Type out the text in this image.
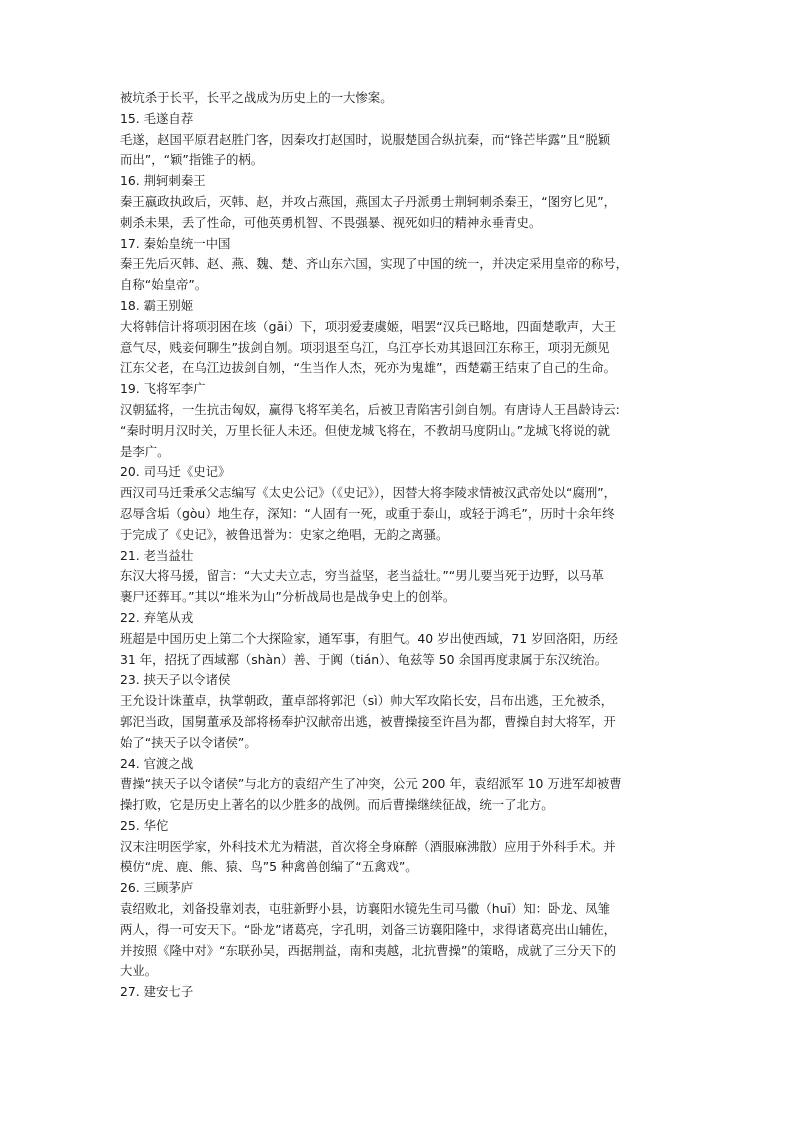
被坑杀于长平，长平之战成为历史上的一大惨案。
15. 毛遂自荐
毛遂，赵国平原君赵胜门客，因秦攻打赵国时，说服楚国合纵抗秦，而“锋芒毕露”且“脱颖
而出”，“颖”指锥子的柄。
16. 荆轲刺秦王
秦王嬴政执政后，灭韩、赵，并攻占燕国，燕国太子丹派勇士荆轲刺杀秦王，“图穷匕见”，
刺杀未果，丢了性命，可他英勇机智、不畏强暴、视死如归的精神永垂青史。
17. 秦始皇统一中国
秦王先后灭韩、赵、燕、魏、楚、齐山东六国，实现了中国的统一，并决定采用皇帝的称号，
自称“始皇帝”。
18. 霸王别姬
大将韩信计将项羽困在垓（gāi）下，项羽爱妻虞姬，唱罢“汉兵已略地，四面楚歌声，大王
意气尽，贱妾何聊生”拔剑自刎。项羽退至乌江，乌江亭长劝其退回江东称王，项羽无颜见
江东父老，在乌江边拔剑自刎，“生当作人杰，死亦为鬼雄”，西楚霸王结束了自己的生命。
19. 飞将军李广
汉朝猛将，一生抗击匈奴，赢得飞将军美名，后被卫青陷害引剑自刎。有唐诗人王昌龄诗云:
“秦时明月汉时关，万里长征人未还。但使龙城飞将在，不教胡马度阴山。”龙城飞将说的就
是李广。
20. 司马迁《史记》
西汉司马迁秉承父志编写《太史公记》（《史记》），因替大将李陵求情被汉武帝处以“腐刑”，
忍辱含垢（gòu）地生存，深知：“人固有一死，或重于泰山，或轻于鸿毛”，历时十余年终
于完成了《史记》，被鲁迅誉为：史家之绝唱，无韵之离骚。
21. 老当益壮
东汉大将马援，留言：“大丈夫立志，穷当益坚，老当益壮。”“男儿要当死于边野，以马革
裹尸还葬耳。”其以“堆米为山”分析战局也是战争史上的创举。
22. 弃笔从戎
班超是中国历史上第二个大探险家，通军事，有胆气。40 岁出使西域，71 岁回洛阳，历经
31 年，招抚了西域鄯（shàn）善、于阗（tián）、龟兹等 50 余国再度隶属于东汉统治。
23. 挟天子以令诸侯
王允设计诛董卓，执掌朝政，董卓部将郭汜（sì）帅大军攻陷长安，吕布出逃，王允被杀，
郭汜当政，国舅董承及部将杨奉护汉献帝出逃，被曹操接至许昌为都，曹操自封大将军，开
始了“挟天子以令诸侯”。
24. 官渡之战
曹操“挟天子以令诸侯”与北方的袁绍产生了冲突，公元 200 年，袁绍派军 10 万进军却被曹
操打败，它是历史上著名的以少胜多的战例。而后曹操继续征战，统一了北方。
25. 华佗
汉末注明医学家，外科技术尤为精湛，首次将全身麻醉（酒服麻沸散）应用于外科手术。并
模仿“虎、鹿、熊、猿、鸟”5 种禽兽创编了“五禽戏”。
26. 三顾茅庐
袁绍败北，刘备投靠刘表，屯驻新野小县，访襄阳水镜先生司马徽（huī）知：卧龙、凤雏
两人，得一可安天下。“卧龙”诸葛亮，字孔明，刘备三访襄阳隆中，求得诸葛亮出山辅佐，
并按照《隆中对》“东联孙吴，西据荆益，南和夷越，北抗曹操”的策略，成就了三分天下的
大业。
27. 建安七子
